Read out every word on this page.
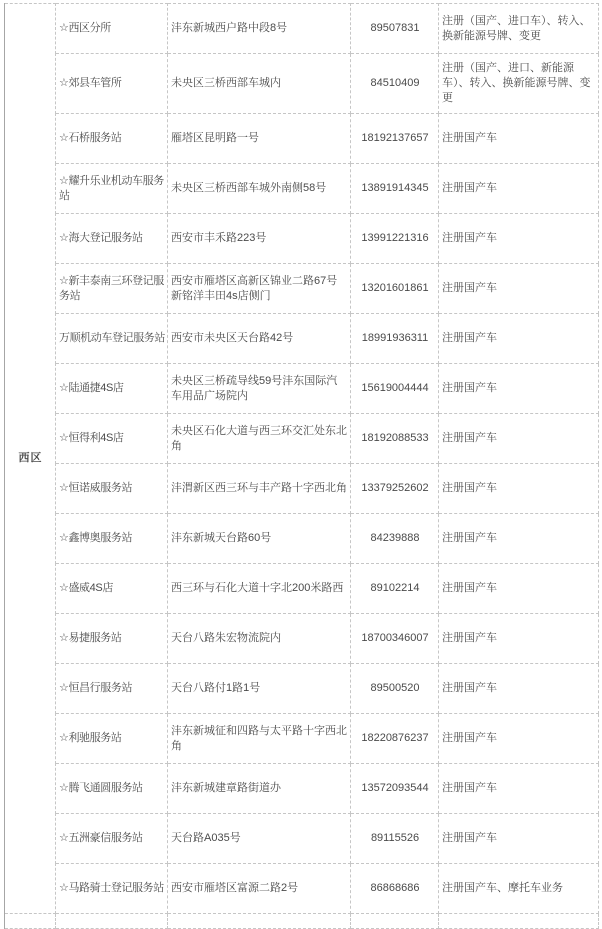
西区	☆西区分所	沣东新城西户路中段8号	89507831	注册（国产、进口车）、转入、换新能源号牌、变更
	☆郊县车管所	未央区三桥西部车城内	84510409	注册（国产、进口、新能源车）、转入、换新能源号牌、变更
	☆石桥服务站	雁塔区昆明路一号	18192137657	注册国产车
	☆耀升乐业机动车服务站	未央区三桥西部车城外南侧58号	13891914345	注册国产车
	☆海大登记服务站	西安市丰禾路223号	13991221316	注册国产车
	☆新丰泰南三环登记服务站	西安市雁塔区高新区锦业二路67号新铭洋丰田4s店侧门	13201601861	注册国产车
	万顺机动车登记服务站	西安市未央区天台路42号	18991936311	注册国产车
	☆陆通捷4S店	未央区三桥疏导线59号沣东国际汽车用品广场院内	15619004444	注册国产车
	☆恒得利4S店	未央区石化大道与西三环交汇处东北角	18192088533	注册国产车
	☆恒诺威服务站	沣渭新区西三环与丰产路十字西北角	13379252602	注册国产车
	☆鑫博奥服务站	沣东新城天台路60号	84239888	注册国产车
	☆盛威4S店	西三环与石化大道十字北200米路西	89102214	注册国产车
	☆易捷服务站	天台八路朱宏物流院内	18700346007	注册国产车
	☆恒昌行服务站	天台八路付1路1号	89500520	注册国产车
	☆利驰服务站	沣东新城征和四路与太平路十字西北角	18220876237	注册国产车
	☆腾飞通圆服务站	沣东新城建章路街道办	13572093544	注册国产车
	☆五洲豪信服务站	天台路A035号	89115526	注册国产车
	☆马路骑士登记服务站	西安市雁塔区富源二路2号	86868686	注册国产车、摩托车业务
